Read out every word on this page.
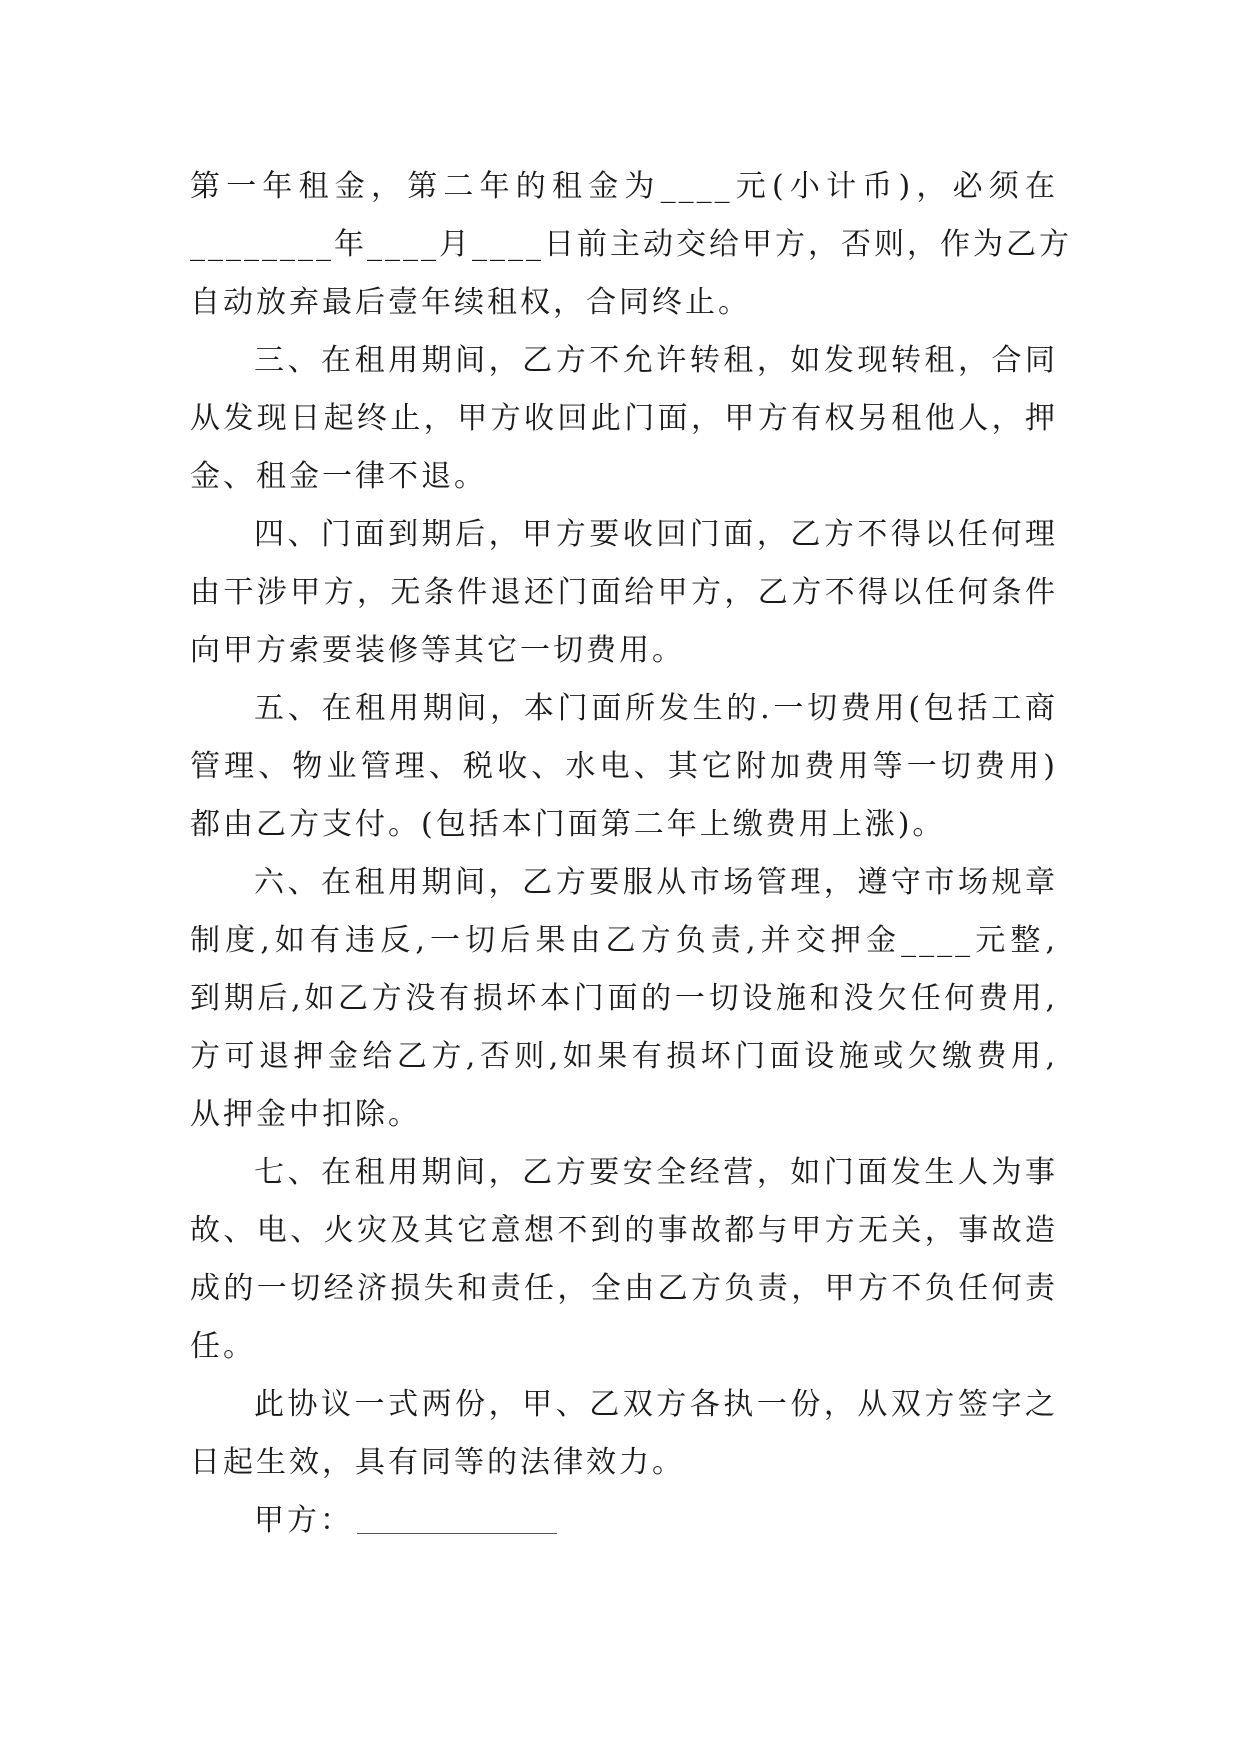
第一年租金，第二年的租金为____元(小计币)，必须在
________年____月____日前主动交给甲方，否则，作为乙方
自动放弃最后壹年续租权，合同终止。

三、在租用期间，乙方不允许转租，如发现转租，合同
从发现日起终止，甲方收回此门面，甲方有权另租他人，押
金、租金一律不退。

四、门面到期后，甲方要收回门面，乙方不得以任何理
由干涉甲方，无条件退还门面给甲方，乙方不得以任何条件
向甲方索要装修等其它一切费用。

五、在租用期间，本门面所发生的.一切费用(包括工商
管理、物业管理、税收、水电、其它附加费用等一切费用)
都由乙方支付。(包括本门面第二年上缴费用上涨)。

六、在租用期间，乙方要服从市场管理，遵守市场规章
制度,如有违反,一切后果由乙方负责,并交押金____元整,
到期后,如乙方没有损坏本门面的一切设施和没欠任何费用,
方可退押金给乙方,否则,如果有损坏门面设施或欠缴费用,
从押金中扣除。

七、在租用期间，乙方要安全经营，如门面发生人为事
故、电、火灾及其它意想不到的事故都与甲方无关，事故造
成的一切经济损失和责任，全由乙方负责，甲方不负任何责
任。

此协议一式两份，甲、乙双方各执一份，从双方签字之
日起生效，具有同等的法律效力。

甲方：
